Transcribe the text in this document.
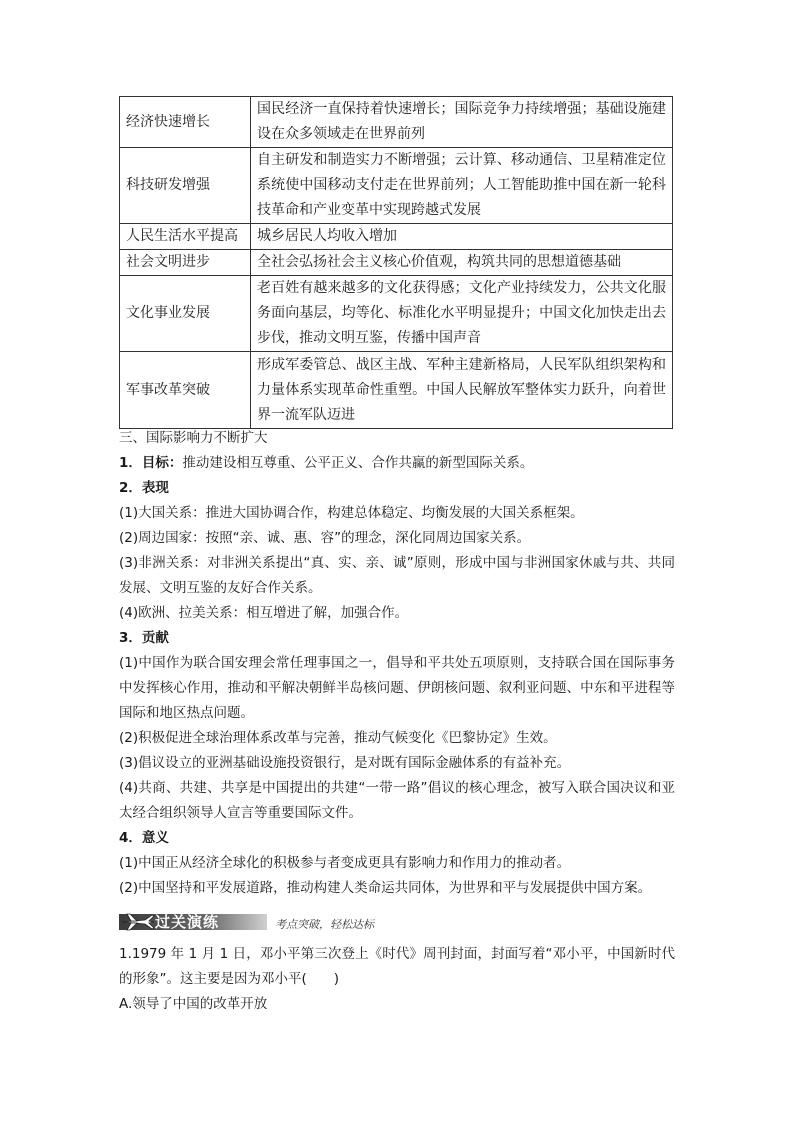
经济快速增长	国民经济一直保持着快速增长；国际竞争力持续增强；基础设施建设在众多领域走在世界前列
科技研发增强	自主研发和制造实力不断增强；云计算、移动通信、卫星精准定位系统使中国移动支付走在世界前列；人工智能助推中国在新一轮科技革命和产业变革中实现跨越式发展
人民生活水平提高	城乡居民人均收入增加
社会文明进步	全社会弘扬社会主义核心价值观，构筑共同的思想道德基础
文化事业发展	老百姓有越来越多的文化获得感；文化产业持续发力，公共文化服务面向基层，均等化、标准化水平明显提升；中国文化加快走出去步伐，推动文明互鉴，传播中国声音
军事改革突破	形成军委管总、战区主战、军种主建新格局，人民军队组织架构和力量体系实现革命性重塑。中国人民解放军整体实力跃升，向着世界一流军队迈进

三、国际影响力不断扩大

1．目标：推动建设相互尊重、公平正义、合作共赢的新型国际关系。

2．表现

(1)大国关系：推进大国协调合作，构建总体稳定、均衡发展的大国关系框架。

(2)周边国家：按照“亲、诚、惠、容”的理念，深化同周边国家关系。

(3)非洲关系：对非洲关系提出“真、实、亲、诚”原则，形成中国与非洲国家休戚与共、共同发展、文明互鉴的友好合作关系。

(4)欧洲、拉美关系：相互增进了解，加强合作。

3．贡献

(1)中国作为联合国安理会常任理事国之一，倡导和平共处五项原则，支持联合国在国际事务中发挥核心作用，推动和平解决朝鲜半岛核问题、伊朗核问题、叙利亚问题、中东和平进程等国际和地区热点问题。

(2)积极促进全球治理体系改革与完善，推动气候变化《巴黎协定》生效。

(3)倡议设立的亚洲基础设施投资银行，是对既有国际金融体系的有益补充。

(4)共商、共建、共享是中国提出的共建“一带一路”倡议的核心理念，被写入联合国决议和亚太经合组织领导人宣言等重要国际文件。

4．意义

(1)中国正从经济全球化的积极参与者变成更具有影响力和作用力的推动者。

(2)中国坚持和平发展道路，推动构建人类命运共同体，为世界和平与发展提供中国方案。

过关演练	考点突破，轻松达标

1.1979 年 1 月 1 日，邓小平第三次登上《时代》周刊封面，封面写着“邓小平，中国新时代的形象”。这主要是因为邓小平(　　)

A.领导了中国的改革开放
